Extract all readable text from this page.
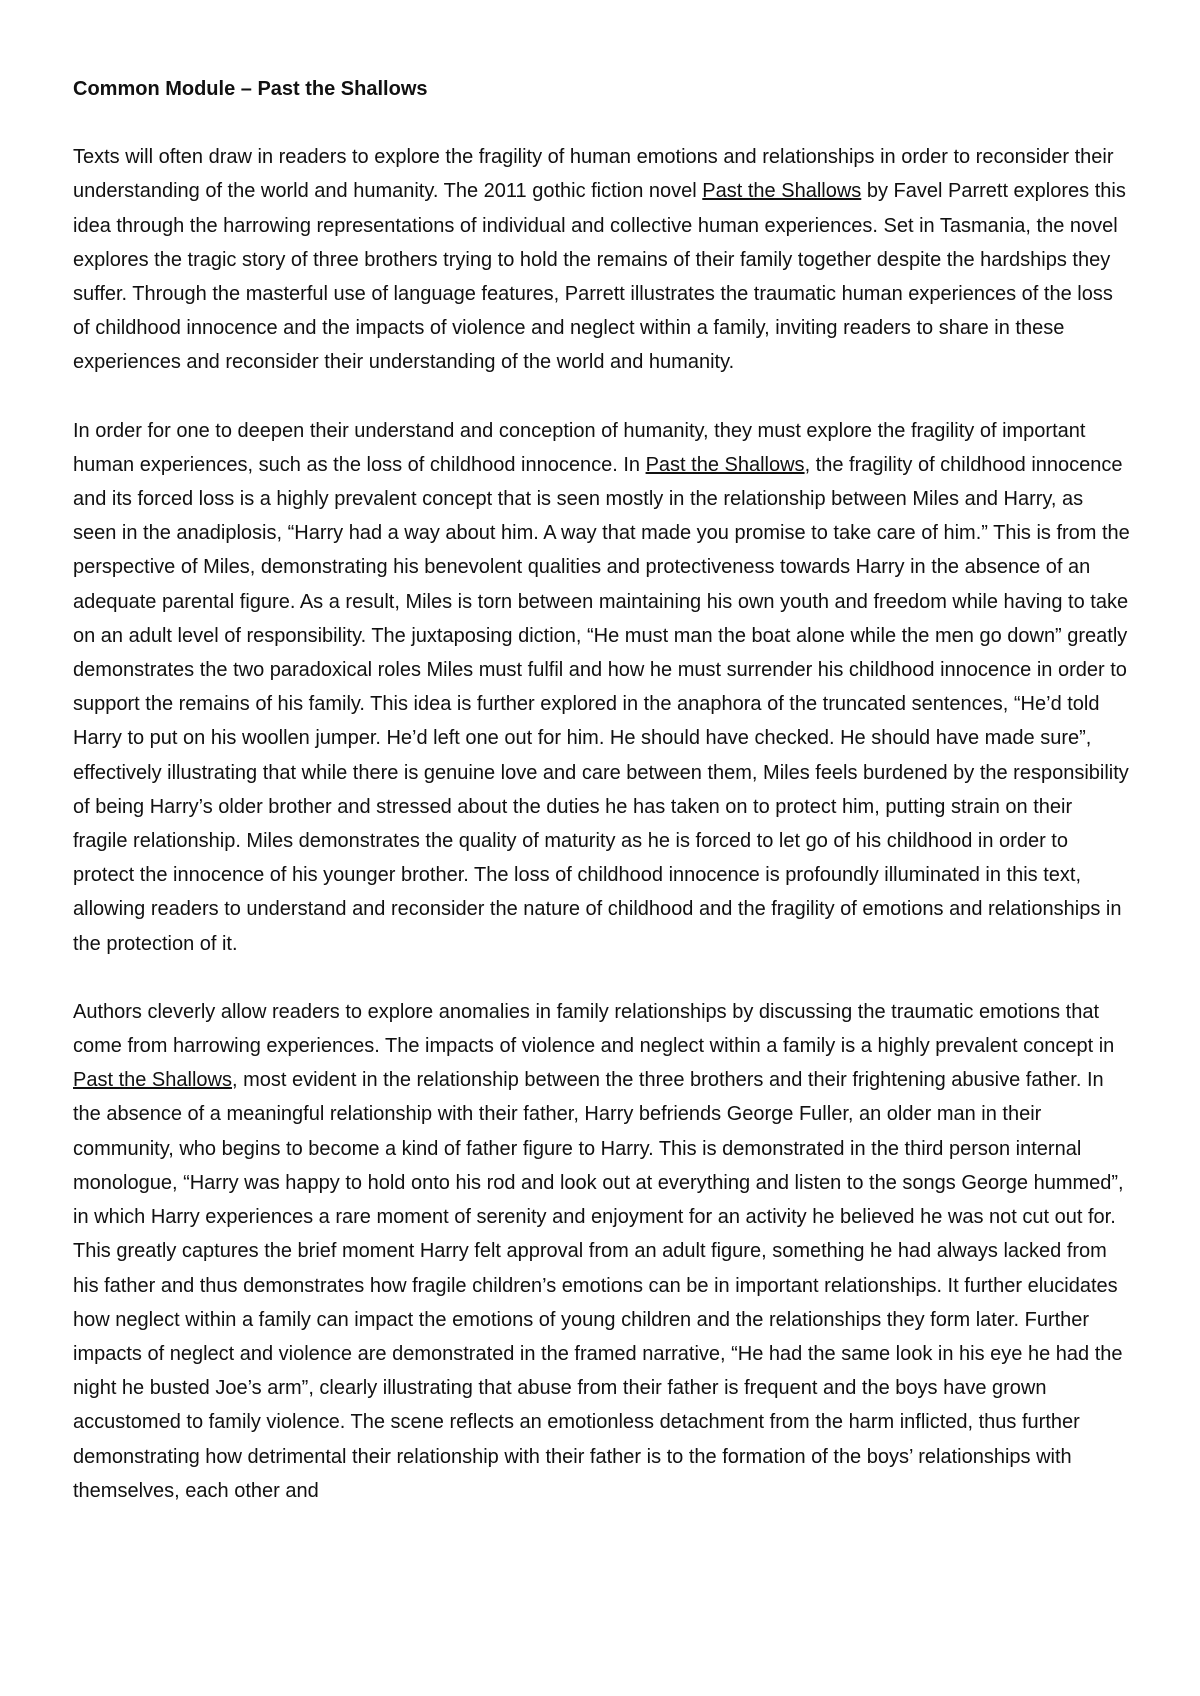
Common Module – Past the Shallows

Texts will often draw in readers to explore the fragility of human emotions and relationships in order to reconsider their understanding of the world and humanity. The 2011 gothic fiction novel Past the Shallows by Favel Parrett explores this idea through the harrowing representations of individual and collective human experiences. Set in Tasmania, the novel explores the tragic story of three brothers trying to hold the remains of their family together despite the hardships they suffer. Through the masterful use of language features, Parrett illustrates the traumatic human experiences of the loss of childhood innocence and the impacts of violence and neglect within a family, inviting readers to share in these experiences and reconsider their understanding of the world and humanity.

In order for one to deepen their understand and conception of humanity, they must explore the fragility of important human experiences, such as the loss of childhood innocence. In Past the Shallows, the fragility of childhood innocence and its forced loss is a highly prevalent concept that is seen mostly in the relationship between Miles and Harry, as seen in the anadiplosis, “Harry had a way about him. A way that made you promise to take care of him.” This is from the perspective of Miles, demonstrating his benevolent qualities and protectiveness towards Harry in the absence of an adequate parental figure. As a result, Miles is torn between maintaining his own youth and freedom while having to take on an adult level of responsibility. The juxtaposing diction, “He must man the boat alone while the men go down” greatly demonstrates the two paradoxical roles Miles must fulfil and how he must surrender his childhood innocence in order to support the remains of his family. This idea is further explored in the anaphora of the truncated sentences, “He’d told Harry to put on his woollen jumper. He’d left one out for him. He should have checked. He should have made sure”, effectively illustrating that while there is genuine love and care between them, Miles feels burdened by the responsibility of being Harry’s older brother and stressed about the duties he has taken on to protect him, putting strain on their fragile relationship. Miles demonstrates the quality of maturity as he is forced to let go of his childhood in order to protect the innocence of his younger brother. The loss of childhood innocence is profoundly illuminated in this text, allowing readers to understand and reconsider the nature of childhood and the fragility of emotions and relationships in the protection of it.

Authors cleverly allow readers to explore anomalies in family relationships by discussing the traumatic emotions that come from harrowing experiences. The impacts of violence and neglect within a family is a highly prevalent concept in Past the Shallows, most evident in the relationship between the three brothers and their frightening abusive father. In the absence of a meaningful relationship with their father, Harry befriends George Fuller, an older man in their community, who begins to become a kind of father figure to Harry. This is demonstrated in the third person internal monologue, “Harry was happy to hold onto his rod and look out at everything and listen to the songs George hummed”, in which Harry experiences a rare moment of serenity and enjoyment for an activity he believed he was not cut out for. This greatly captures the brief moment Harry felt approval from an adult figure, something he had always lacked from his father and thus demonstrates how fragile children’s emotions can be in important relationships. It further elucidates how neglect within a family can impact the emotions of young children and the relationships they form later. Further impacts of neglect and violence are demonstrated in the framed narrative, “He had the same look in his eye he had the night he busted Joe’s arm”, clearly illustrating that abuse from their father is frequent and the boys have grown accustomed to family violence. The scene reflects an emotionless detachment from the harm inflicted, thus further demonstrating how detrimental their relationship with their father is to the formation of the boys’ relationships with themselves, each other and
